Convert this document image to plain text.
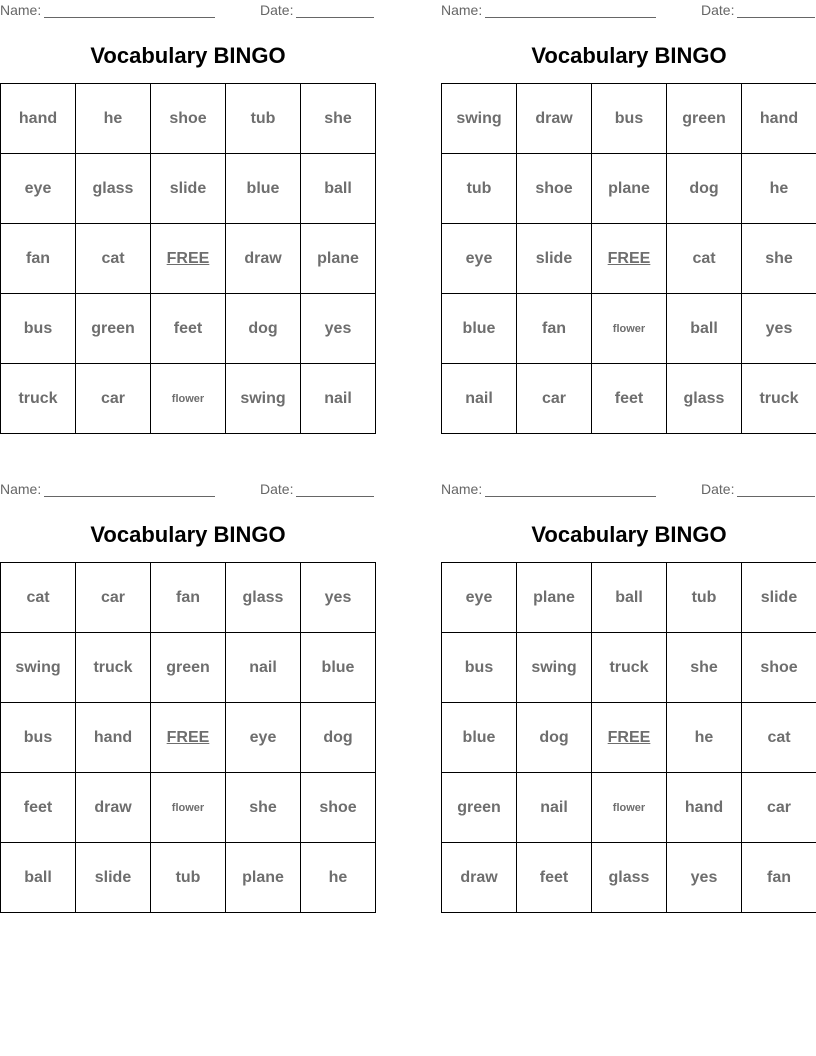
Name:	Date:
Vocabulary BINGO
hand	he	shoe	tub	she
eye	glass	slide	blue	ball
fan	cat	FREE	draw	plane
bus	green	feet	dog	yes
truck	car	flower	swing	nail
Name:	Date:
Vocabulary BINGO
swing	draw	bus	green	hand
tub	shoe	plane	dog	he
eye	slide	FREE	cat	she
blue	fan	flower	ball	yes
nail	car	feet	glass	truck
Name:	Date:
Vocabulary BINGO
cat	car	fan	glass	yes
swing	truck	green	nail	blue
bus	hand	FREE	eye	dog
feet	draw	flower	she	shoe
ball	slide	tub	plane	he
Name:	Date:
Vocabulary BINGO
eye	plane	ball	tub	slide
bus	swing	truck	she	shoe
blue	dog	FREE	he	cat
green	nail	flower	hand	car
draw	feet	glass	yes	fan
